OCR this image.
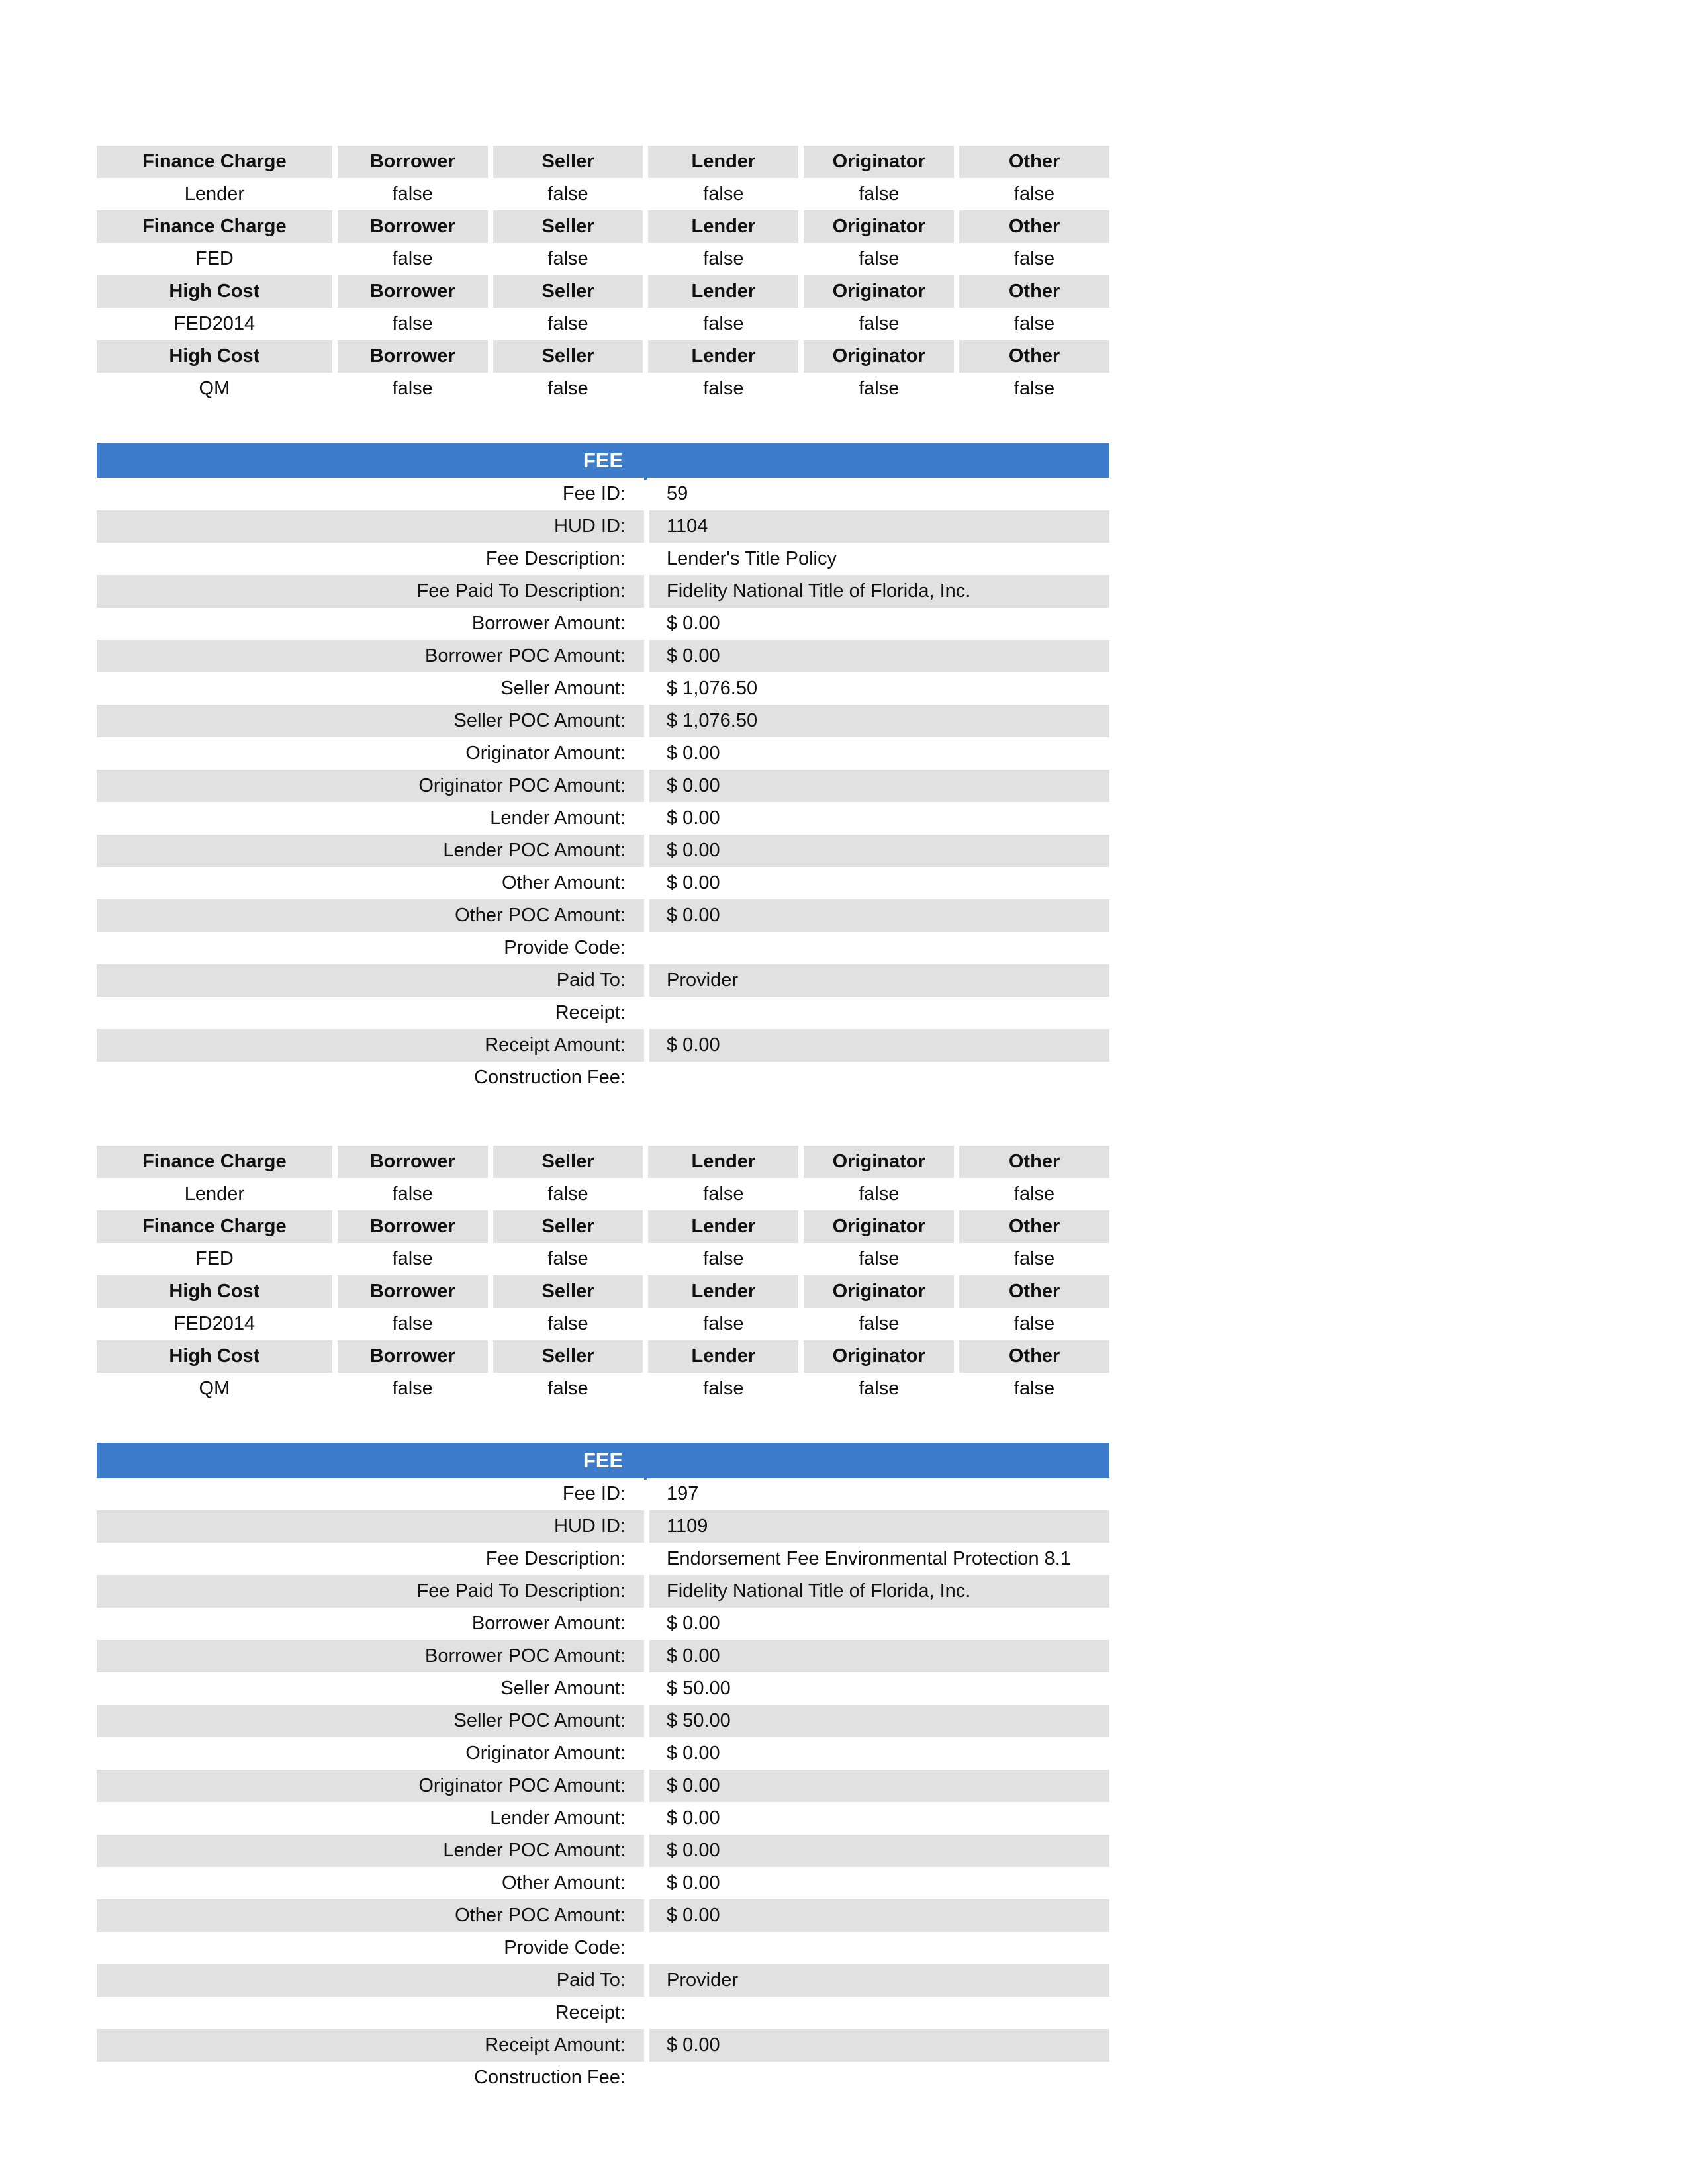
Finance Charge	Borrower	Seller	Lender	Originator	Other
Lender	false	false	false	false	false
Finance Charge	Borrower	Seller	Lender	Originator	Other
FED	false	false	false	false	false
High Cost	Borrower	Seller	Lender	Originator	Other
FED2014	false	false	false	false	false
High Cost	Borrower	Seller	Lender	Originator	Other
QM	false	false	false	false	false
FEE
Fee ID:	59
HUD ID:	1104
Fee Description:	Lender's Title Policy
Fee Paid To Description:	Fidelity National Title of Florida, Inc.
Borrower Amount:	$ 0.00
Borrower POC Amount:	$ 0.00
Seller Amount:	$ 1,076.50
Seller POC Amount:	$ 1,076.50
Originator Amount:	$ 0.00
Originator POC Amount:	$ 0.00
Lender Amount:	$ 0.00
Lender POC Amount:	$ 0.00
Other Amount:	$ 0.00
Other POC Amount:	$ 0.00
Provide Code:
Paid To:	Provider
Receipt:
Receipt Amount:	$ 0.00
Construction Fee:
Finance Charge	Borrower	Seller	Lender	Originator	Other
Lender	false	false	false	false	false
Finance Charge	Borrower	Seller	Lender	Originator	Other
FED	false	false	false	false	false
High Cost	Borrower	Seller	Lender	Originator	Other
FED2014	false	false	false	false	false
High Cost	Borrower	Seller	Lender	Originator	Other
QM	false	false	false	false	false
FEE
Fee ID:	197
HUD ID:	1109
Fee Description:	Endorsement Fee Environmental Protection 8.1
Fee Paid To Description:	Fidelity National Title of Florida, Inc.
Borrower Amount:	$ 0.00
Borrower POC Amount:	$ 0.00
Seller Amount:	$ 50.00
Seller POC Amount:	$ 50.00
Originator Amount:	$ 0.00
Originator POC Amount:	$ 0.00
Lender Amount:	$ 0.00
Lender POC Amount:	$ 0.00
Other Amount:	$ 0.00
Other POC Amount:	$ 0.00
Provide Code:
Paid To:	Provider
Receipt:
Receipt Amount:	$ 0.00
Construction Fee:
